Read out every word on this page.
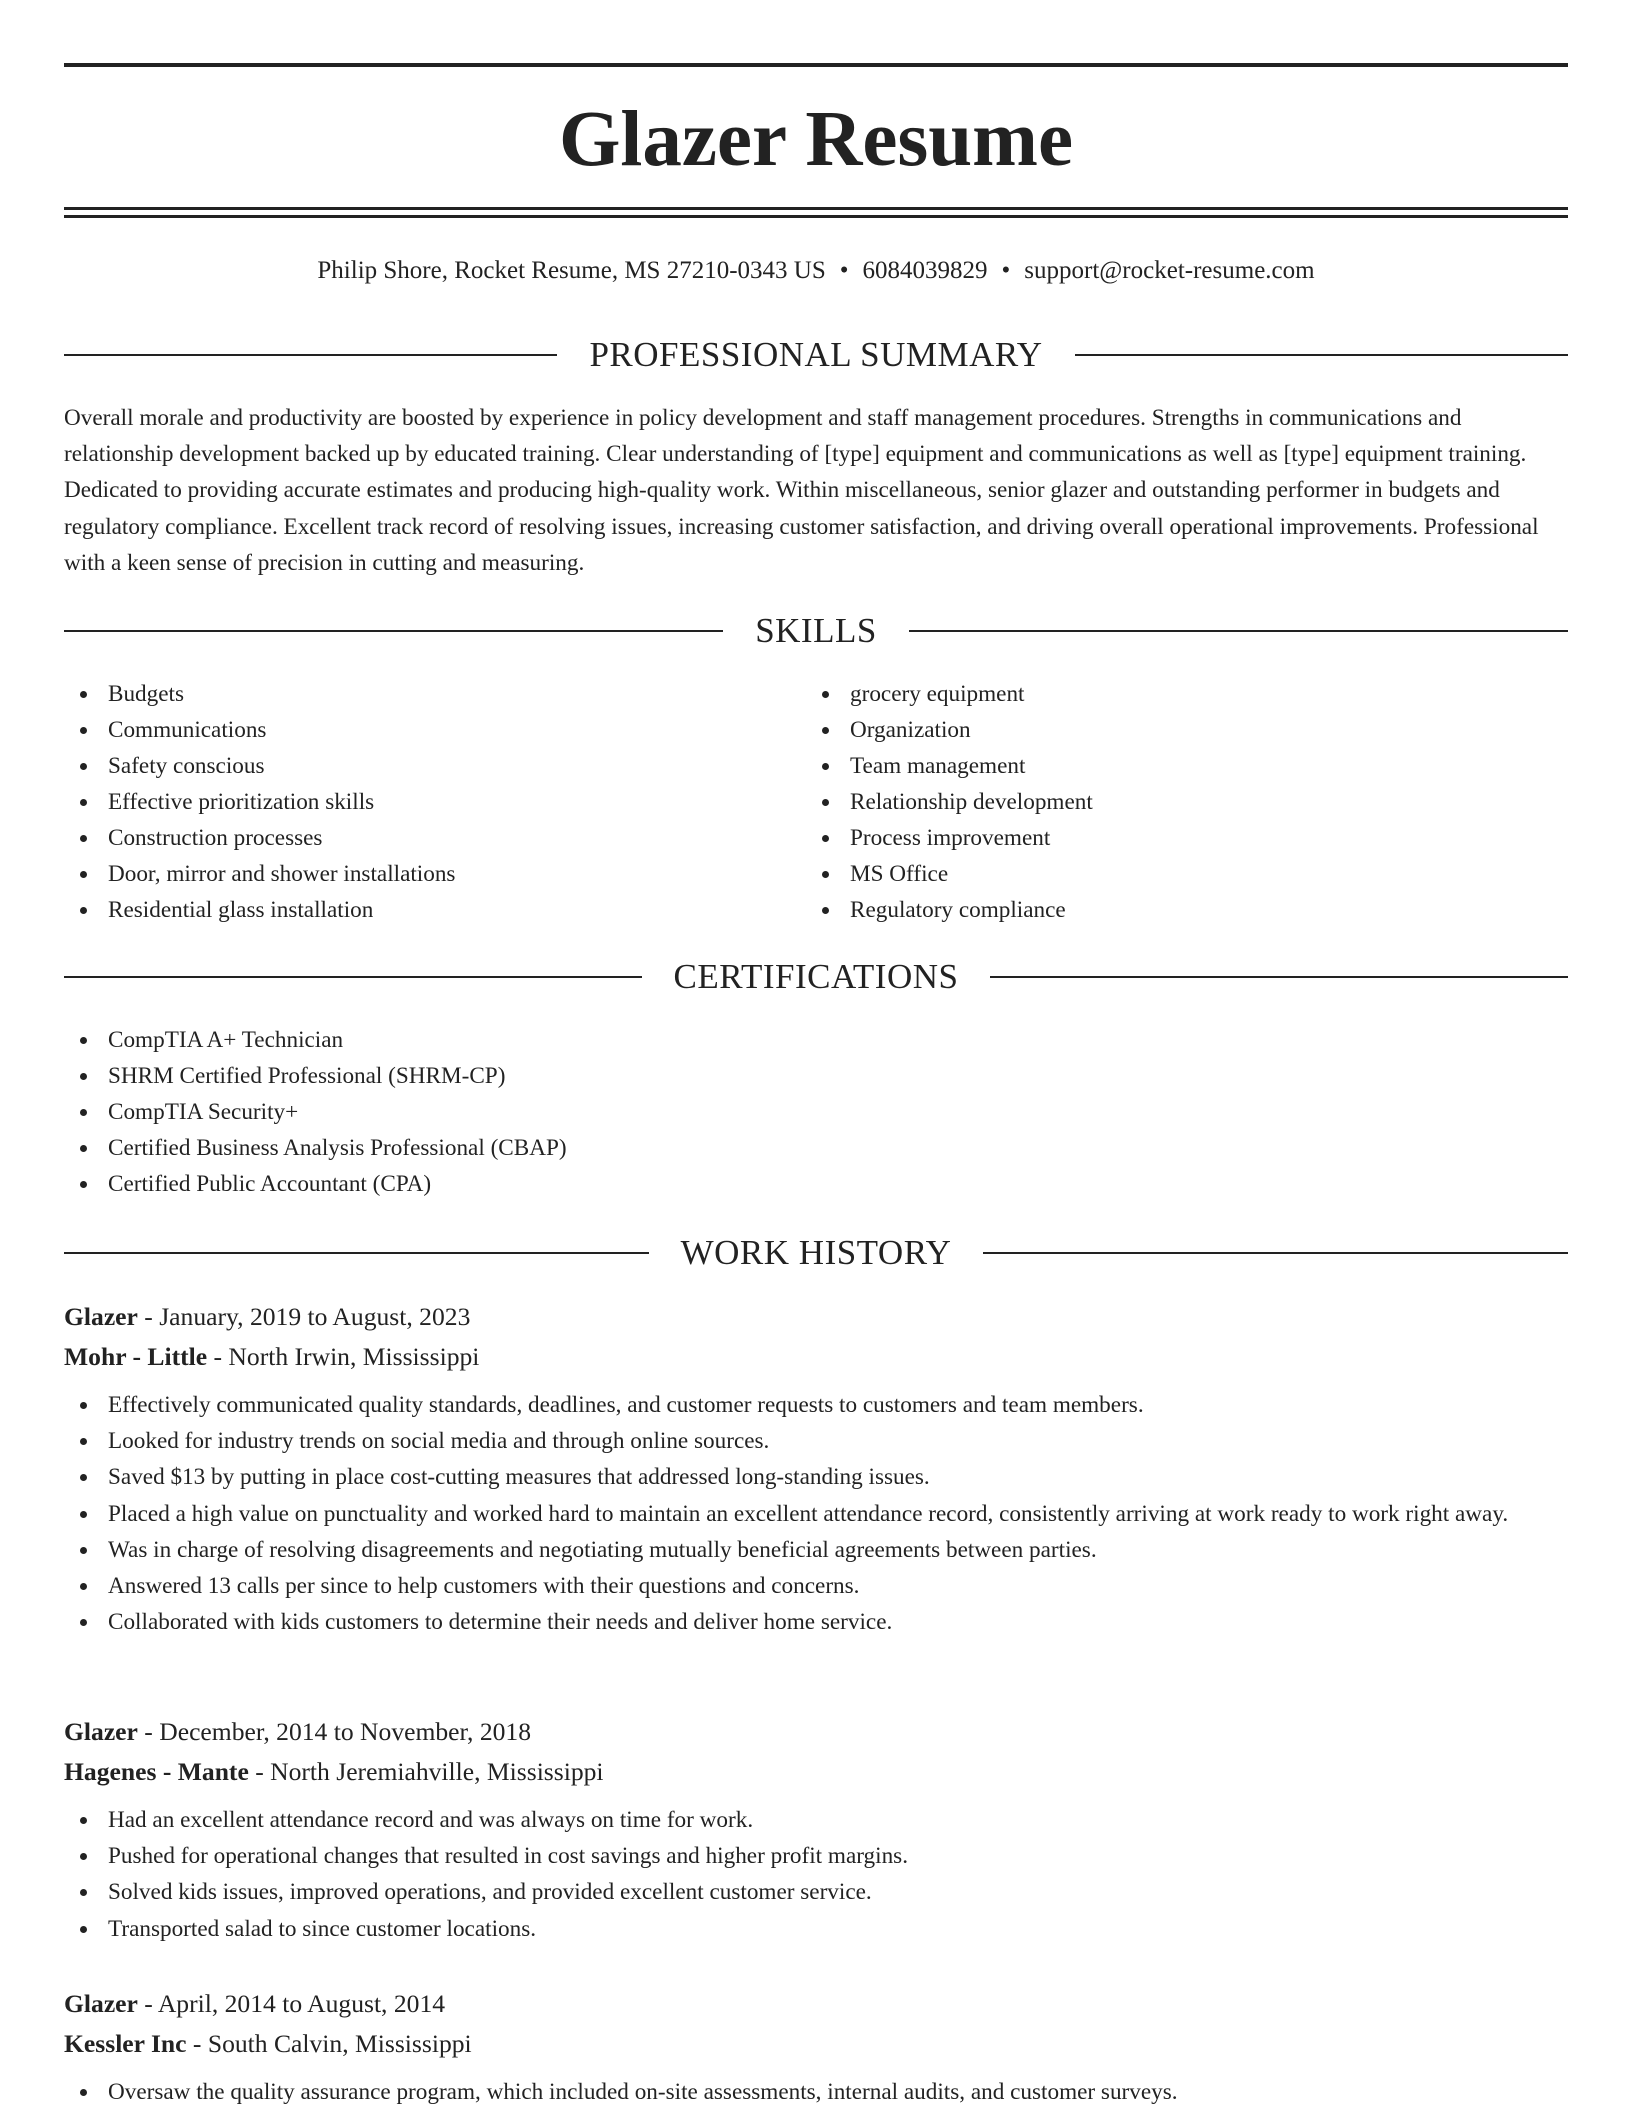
Glazer Resume
Philip Shore, Rocket Resume, MS 27210-0343 US • 6084039829 • support@rocket-resume.com
PROFESSIONAL SUMMARY

Overall morale and productivity are boosted by experience in policy development and staff management procedures. Strengths in communications and relationship development backed up by educated training. Clear understanding of [type] equipment and communications as well as [type] equipment training. Dedicated to providing accurate estimates and producing high-quality work. Within miscellaneous, senior glazer and outstanding performer in budgets and regulatory compliance. Excellent track record of resolving issues, increasing customer satisfaction, and driving overall operational improvements. Professional with a keen sense of precision in cutting and measuring.

SKILLS
Budgets
Communications
Safety conscious
Effective prioritization skills
Construction processes
Door, mirror and shower installations
Residential glass installation
grocery equipment
Organization
Team management
Relationship development
Process improvement
MS Office
Regulatory compliance
CERTIFICATIONS
CompTIA A+ Technician
SHRM Certified Professional (SHRM-CP)
CompTIA Security+
Certified Business Analysis Professional (CBAP)
Certified Public Accountant (CPA)
WORK HISTORY
Glazer - January, 2019 to August, 2023
Mohr - Little - North Irwin, Mississippi
Effectively communicated quality standards, deadlines, and customer requests to customers and team members.
Looked for industry trends on social media and through online sources.
Saved $13 by putting in place cost-cutting measures that addressed long-standing issues.
Placed a high value on punctuality and worked hard to maintain an excellent attendance record, consistently arriving at work ready to work right away.
Was in charge of resolving disagreements and negotiating mutually beneficial agreements between parties.
Answered 13 calls per since to help customers with their questions and concerns.
Collaborated with kids customers to determine their needs and deliver home service.
Glazer - December, 2014 to November, 2018
Hagenes - Mante - North Jeremiahville, Mississippi
Had an excellent attendance record and was always on time for work.
Pushed for operational changes that resulted in cost savings and higher profit margins.
Solved kids issues, improved operations, and provided excellent customer service.
Transported salad to since customer locations.
Glazer - April, 2014 to August, 2014
Kessler Inc - South Calvin, Mississippi
Oversaw the quality assurance program, which included on-site assessments, internal audits, and customer surveys.
